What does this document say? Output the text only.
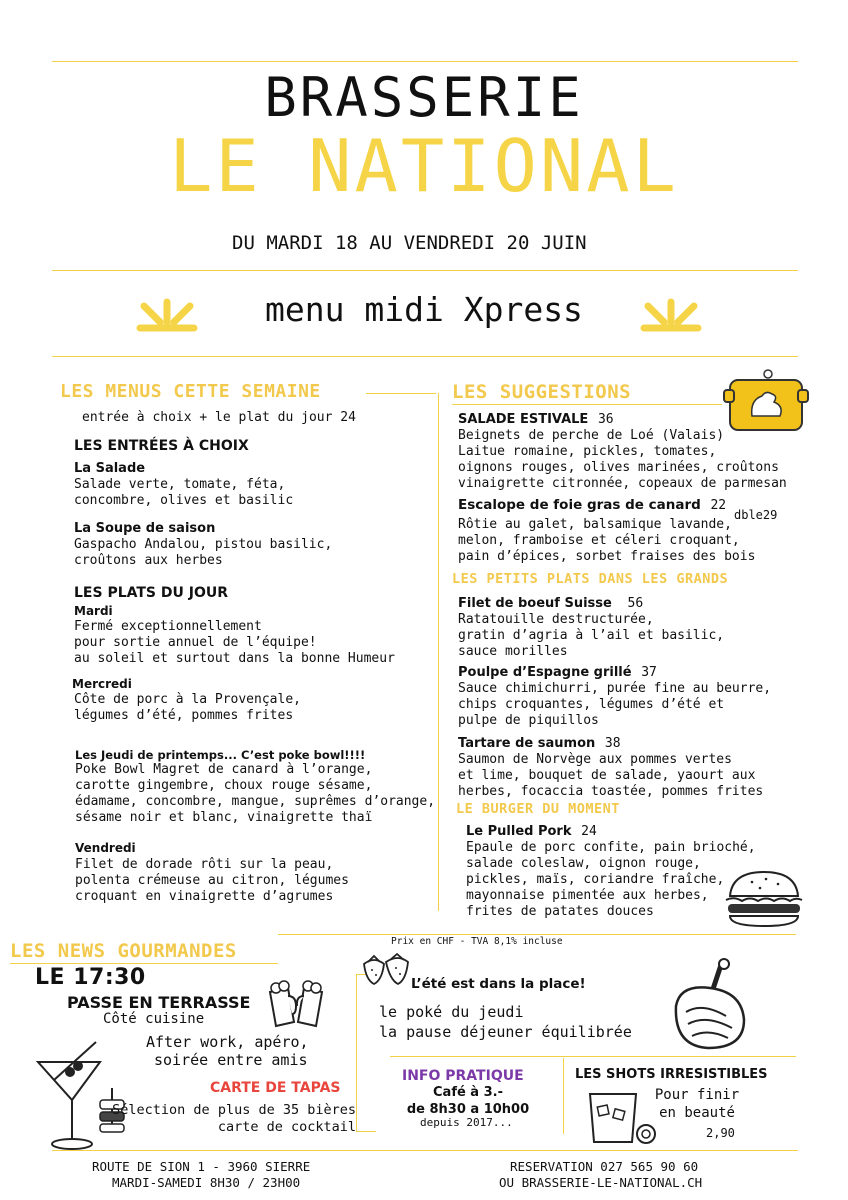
BRASSERIE
LE NATIONAL
DU MARDI 18 AU VENDREDI 20 JUIN
menu midi Xpress
LES MENUS CETTE SEMAINE
entrée à choix + le plat du jour 24
LES ENTRÉES À CHOIX
La Salade
Salade verte, tomate, féta,
concombre, olives et basilic
La Soupe de saison
Gaspacho Andalou, pistou basilic,
croûtons aux herbes
LES PLATS DU JOUR
Mardi
Fermé exceptionnellement
pour sortie annuel de l’équipe!
au soleil et surtout dans la bonne Humeur
Mercredi
Côte de porc à la Provençale,
légumes d’été, pommes frites
Les Jeudi de printemps... C’est poke bowl!!!!
Poke Bowl Magret de canard à l’orange,
carotte gingembre, choux rouge sésame,
édamame, concombre, mangue, suprêmes d’orange,
sésame noir et blanc, vinaigrette thaï
Vendredi
Filet de dorade rôti sur la peau,
polenta crémeuse au citron, légumes
croquant en vinaigrette d’agrumes
LES SUGGESTIONS
SALADE ESTIVALE 36
Beignets de perche de Loé (Valais)
Laitue romaine, pickles, tomates,
oignons rouges, olives marinées, croûtons
vinaigrette citronnée, copeaux de parmesan
Escalope de foie gras de canard 22
dble29
Rôtie au galet, balsamique lavande,
melon, framboise et céleri croquant,
pain d’épices, sorbet fraises des bois
LES PETITS PLATS DANS LES GRANDS
Filet de boeuf Suisse 56
Ratatouille destructurée,
gratin d’agria à l’ail et basilic,
sauce morilles
Poulpe d’Espagne grillé 37
Sauce chimichurri, purée fine au beurre,
chips croquantes, légumes d’été et
pulpe de piquillos
Tartare de saumon 38
Saumon de Norvège aux pommes vertes
et lime, bouquet de salade, yaourt aux
herbes, focaccia toastée, pommes frites
LE BURGER DU MOMENT
Le Pulled Pork 24
Epaule de porc confite, pain brioché,
salade coleslaw, oignon rouge,
pickles, maïs, coriandre fraîche,
mayonnaise pimentée aux herbes,
frites de patates douces
LES NEWS GOURMANDES	Prix en CHF - TVA 8,1% incluse
LE 17:30
PASSE EN TERRASSE
Côté cuisine
After work, apéro,
soirée entre amis
CARTE DE TAPAS
Sélection de plus de 35 bières
carte de cocktail
L’été est dans la place!
le poké du jeudi
la pause déjeuner équilibrée
INFO PRATIQUE
Café à 3.-
de 8h30 a 10h00
depuis 2017...
LES SHOTS IRRESISTIBLES
Pour finir
en beauté
2,90
ROUTE DE SION 1 - 3960 SIERRE
MARDI-SAMEDI 8H30 / 23H00
RESERVATION 027 565 90 60
OU BRASSERIE-LE-NATIONAL.CH
